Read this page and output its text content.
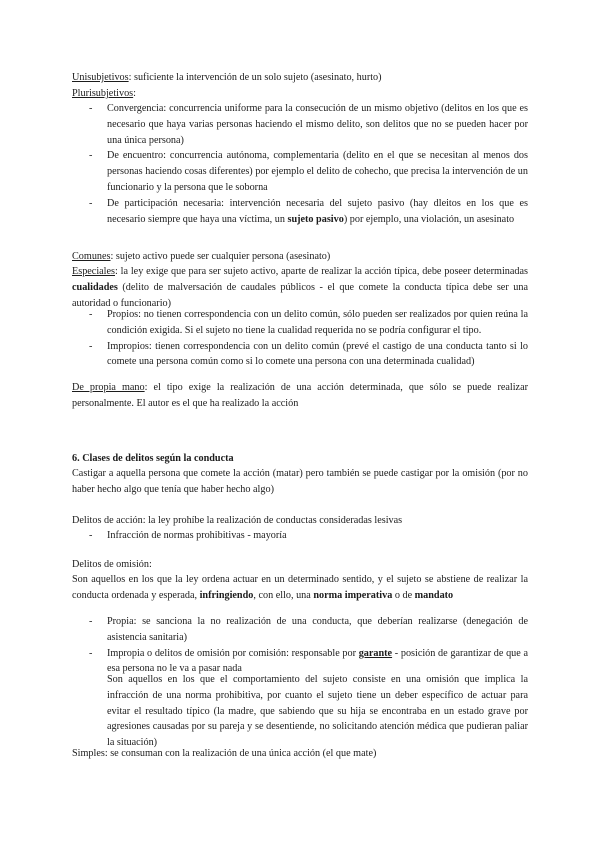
Unisubjetivos: suficiente la intervención de un solo sujeto (asesinato, hurto)

Plurisubjetivos:

- Convergencia: concurrencia uniforme para la consecución de un mismo objetivo (delitos en los que es necesario que haya varias personas haciendo el mismo delito, son delitos que no se pueden hacer por una única persona)
- De encuentro: concurrencia autónoma, complementaria (delito en el que se necesitan al menos dos personas haciendo cosas diferentes) por ejemplo el delito de cohecho, que precisa la intervención de un funcionario y la persona que le soborna
- De participación necesaria: intervención necesaria del sujeto pasivo (hay dleitos en los que es necesario siempre que haya una víctima, un sujeto pasivo) por ejemplo, una violación, un asesinato

Comunes: sujeto activo puede ser cualquier persona (asesinato)

Especiales: la ley exige que para ser sujeto activo, aparte de realizar la acción típica, debe poseer determinadas cualidades (delito de malversación de caudales públicos - el que comete la conducta típica debe ser una autoridad o funcionario)

- Propios: no tienen correspondencia con un delito común, sólo pueden ser realizados por quien reúna la condición exigida. Si el sujeto no tiene la cualidad requerida no se podría configurar el tipo.
- Impropios: tienen correspondencia con un delito común (prevé el castigo de una conducta tanto si lo comete una persona común como si lo comete una persona con una determinada cualidad)

De propia mano: el tipo exige la realización de una acción determinada, que sólo se puede realizar personalmente. El autor es el que ha realizado la acción

6. Clases de delitos según la conducta

Castigar a aquella persona que comete la acción (matar) pero también se puede castigar por la omisión (por no haber hecho algo que tenía que haber hecho algo)

Delitos de acción: la ley prohíbe la realización de conductas consideradas lesivas

- Infracción de normas prohibitivas - mayoría

Delitos de omisión:

Son aquellos en los que la ley ordena actuar en un determinado sentido, y el sujeto se abstiene de realizar la conducta ordenada y esperada, infringiendo, con ello, una norma imperativa o de mandato

- Propia: se sanciona la no realización de una conducta, que deberían realizarse (denegación de asistencia sanitaria)
- Impropia o delitos de omisión por comisión: responsable por garante - posición de garantizar de que a esa persona no le va a pasar nada

Son aquellos en los que el comportamiento del sujeto consiste en una omisión que implica la infracción de una norma prohibitiva, por cuanto el sujeto tiene un deber específico de actuar para evitar el resultado típico (la madre, que sabiendo que su hija se encontraba en un estado grave por agresiones causadas por su pareja y se desentiende, no solicitando atención médica que pudieran paliar la situación)

Simples: se consuman con la realización de una única acción (el que mate)
